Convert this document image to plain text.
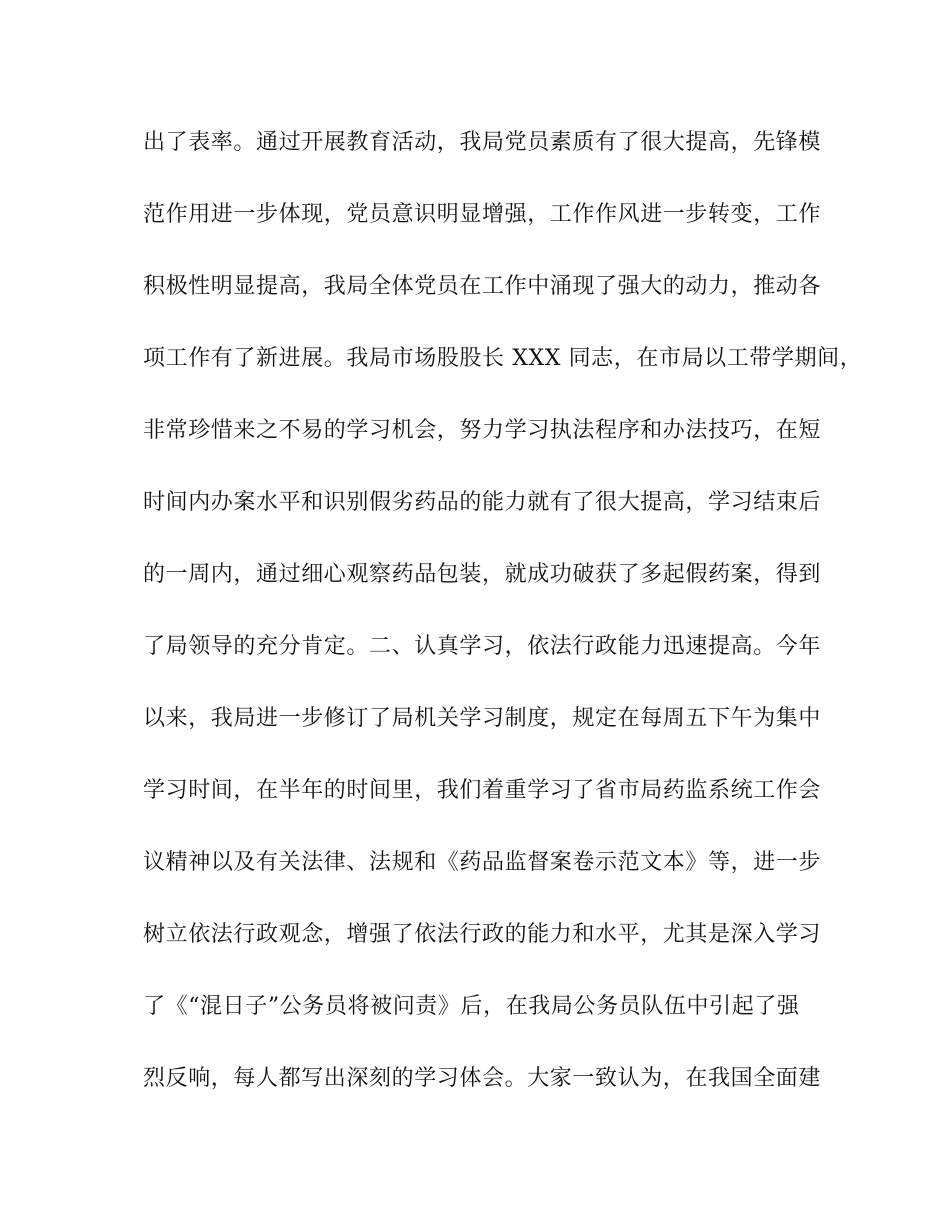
出了表率。通过开展教育活动，我局党员素质有了很大提高，先锋模
范作用进一步体现，党员意识明显增强，工作作风进一步转变，工作
积极性明显提高，我局全体党员在工作中涌现了强大的动力，推动各
项工作有了新进展。我局市场股股长 XXX 同志，在市局以工带学期间，
非常珍惜来之不易的学习机会，努力学习执法程序和办法技巧，在短
时间内办案水平和识别假劣药品的能力就有了很大提高，学习结束后
的一周内，通过细心观察药品包装，就成功破获了多起假药案，得到
了局领导的充分肯定。二、认真学习，依法行政能力迅速提高。今年
以来，我局进一步修订了局机关学习制度，规定在每周五下午为集中
学习时间，在半年的时间里，我们着重学习了省市局药监系统工作会
议精神以及有关法律、法规和《药品监督案卷示范文本》等，进一步
树立依法行政观念，增强了依法行政的能力和水平，尤其是深入学习
了《“混日子”公务员将被问责》后，在我局公务员队伍中引起了强
烈反响，每人都写出深刻的学习体会。大家一致认为，在我国全面建
